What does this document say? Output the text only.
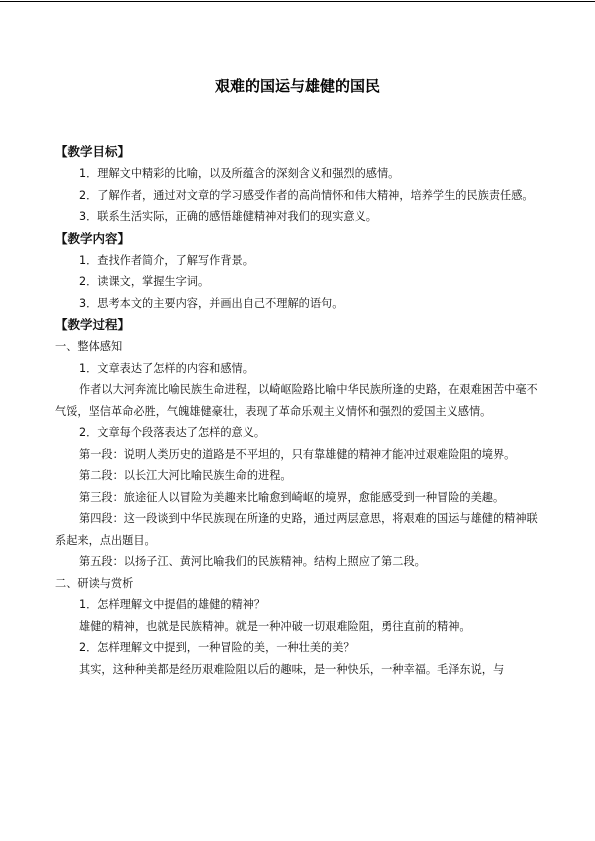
艰难的国运与雄健的国民
【教学目标】

1．理解文中精彩的比喻，以及所蕴含的深刻含义和强烈的感情。

2．了解作者，通过对文章的学习感受作者的高尚情怀和伟大精神，培养学生的民族责任感。

3．联系生活实际，正确的感悟雄健精神对我们的现实意义。

【教学内容】

1．查找作者简介，了解写作背景。

2．读课文，掌握生字词。

3．思考本文的主要内容，并画出自己不理解的语句。

【教学过程】

一、整体感知

1．文章表达了怎样的内容和感情。

作者以大河奔流比喻民族生命进程，以崎岖险路比喻中华民族所逢的史路，在艰难困苦中毫不气馁，坚信革命必胜，气魄雄健豪壮，表现了革命乐观主义情怀和强烈的爱国主义感情。

2．文章每个段落表达了怎样的意义。

第一段：说明人类历史的道路是不平坦的，只有靠雄健的精神才能冲过艰难险阻的境界。

第二段：以长江大河比喻民族生命的进程。

第三段：旅途征人以冒险为美趣来比喻愈到崎岖的境界，愈能感受到一种冒险的美趣。

第四段：这一段谈到中华民族现在所逢的史路，通过两层意思，将艰难的国运与雄健的精神联系起来，点出题目。

第五段：以扬子江、黄河比喻我们的民族精神。结构上照应了第二段。

二、研读与赏析

1．怎样理解文中提倡的雄健的精神？

雄健的精神，也就是民族精神。就是一种冲破一切艰难险阻，勇往直前的精神。

2．怎样理解文中提到，一种冒险的美，一种壮美的美？

其实，这种种美都是经历艰难险阻以后的趣味，是一种快乐，一种幸福。毛泽东说，与
